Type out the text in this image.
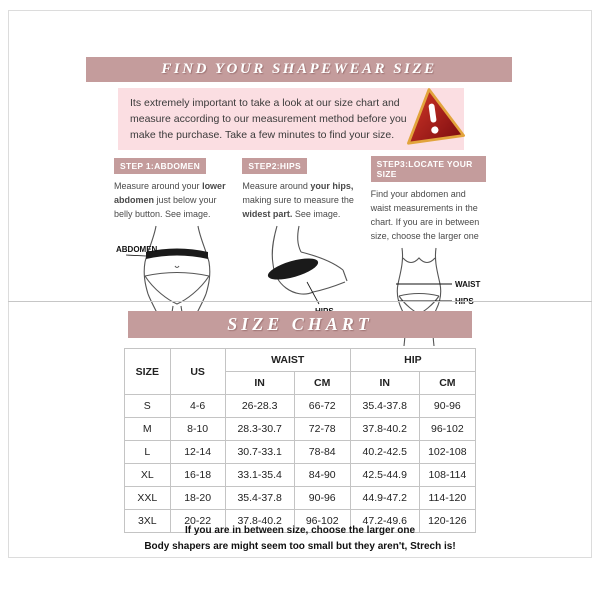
FIND YOUR SHAPEWEAR SIZE

Its extremely important to take a look at our size chart and measure according to our measurement method before you make the purchase. Take a few minutes to find your size.

STEP 1:ABDOMEN

Measure around your lower abdomen just below your belly button. See image.

ABDOMEN
STEP2:HIPS

Measure around your hips, making sure to measure the widest part. See image.

STEP3:LOCATE YOUR SIZE

Find your abdomen and waist measurements in the chart. If you are in between size, choose the larger one

WAIST
SIZE CHART
SIZE	US	WAIST		HIP	
		IN	CM	IN	CM
S	4-6	26-28.3	66-72	35.4-37.8	90-96
M	8-10	28.3-30.7	72-78	37.8-40.2	96-102
L	12-14	30.7-33.1	78-84	40.2-42.5	102-108
XL	16-18	33.1-35.4	84-90	42.5-44.9	108-114
XXL	18-20	35.4-37.8	90-96	44.9-47.2	114-120
3XL	20-22	37.8-40.2	96-102	47.2-49.6	120-126
If you are in between size, choose the larger one
Body shapers are might seem too small but they aren't, Strech is!
